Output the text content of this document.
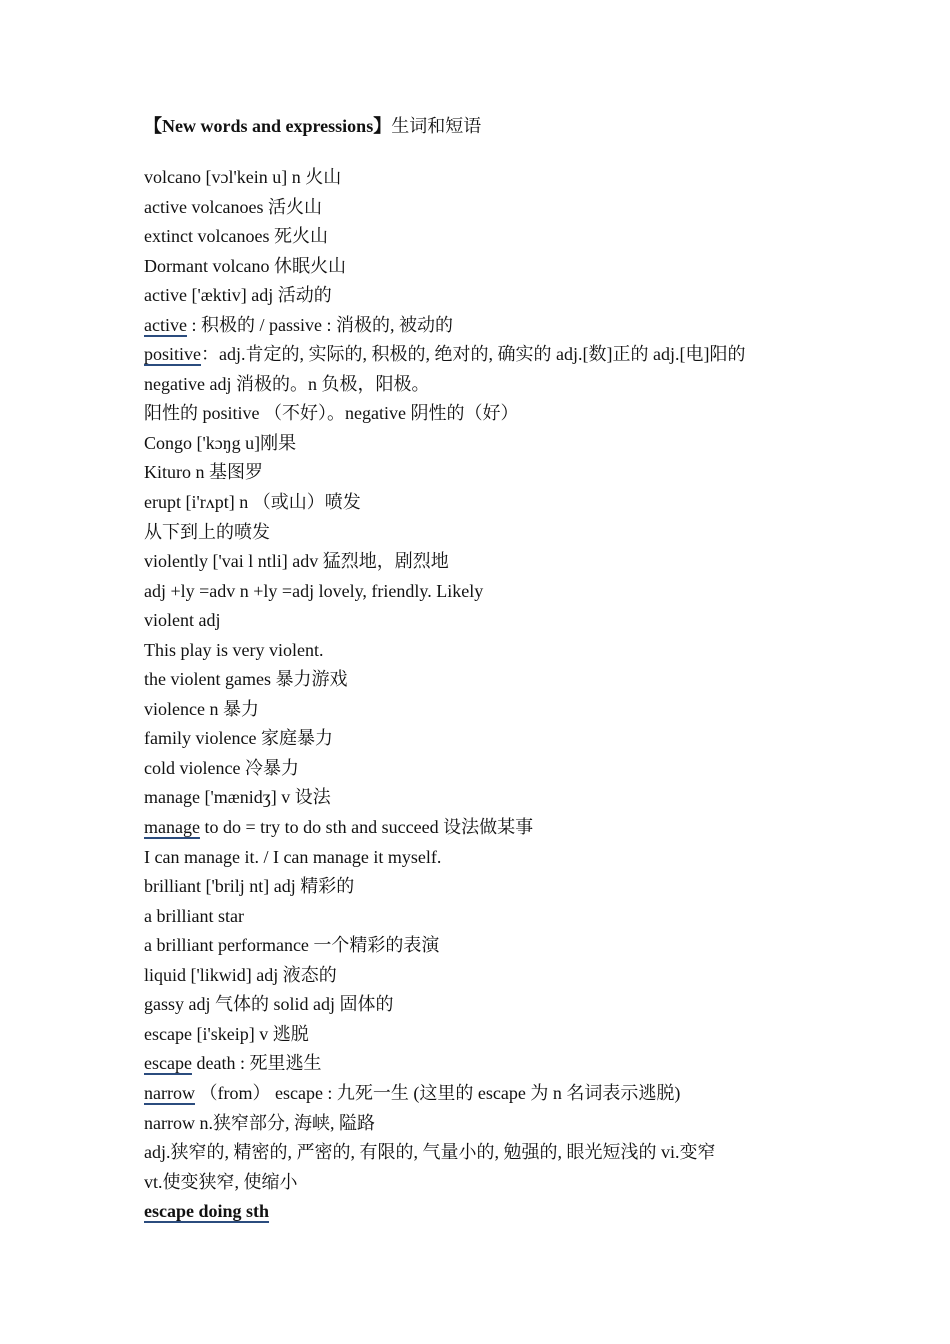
【New words and expressions】生词和短语
volcano [vɔl'kein u] n 火山
active volcanoes 活火山
extinct volcanoes 死火山
Dormant volcano 休眠火山
active ['æktiv] adj 活动的
active : 积极的 / passive : 消极的, 被动的
positive：adj.肯定的, 实际的, 积极的, 绝对的, 确实的 adj.[数]正的 adj.[电]阳的
negative adj 消极的。n 负极，阳极。
阳性的 positive （不好）。negative 阴性的（好）
Congo ['kɔŋg u]刚果
Kituro n 基图罗
erupt [i'rʌpt] n （或山）喷发
从下到上的喷发
violently ['vai l ntli] adv 猛烈地，剧烈地
adj +ly =adv n +ly =adj lovely, friendly. Likely
violent adj
This play is very violent.
the violent games 暴力游戏
violence n 暴力
family violence 家庭暴力
cold violence 冷暴力
manage ['mænidʒ] v 设法
manage to do = try to do sth and succeed 设法做某事
I can manage it. / I can manage it myself.
brilliant ['brilj nt] adj 精彩的
a brilliant star
a brilliant performance 一个精彩的表演
liquid ['likwid] adj 液态的
gassy adj 气体的 solid adj 固体的
escape [i'skeip] v 逃脱
escape death : 死里逃生
narrow （from） escape : 九死一生 (这里的 escape 为 n 名词表示逃脱)
narrow n.狭窄部分, 海峡, 隘路
adj.狭窄的, 精密的, 严密的, 有限的, 气量小的, 勉强的, 眼光短浅的 vi.变窄
vt.使变狭窄, 使缩小
escape doing sth
